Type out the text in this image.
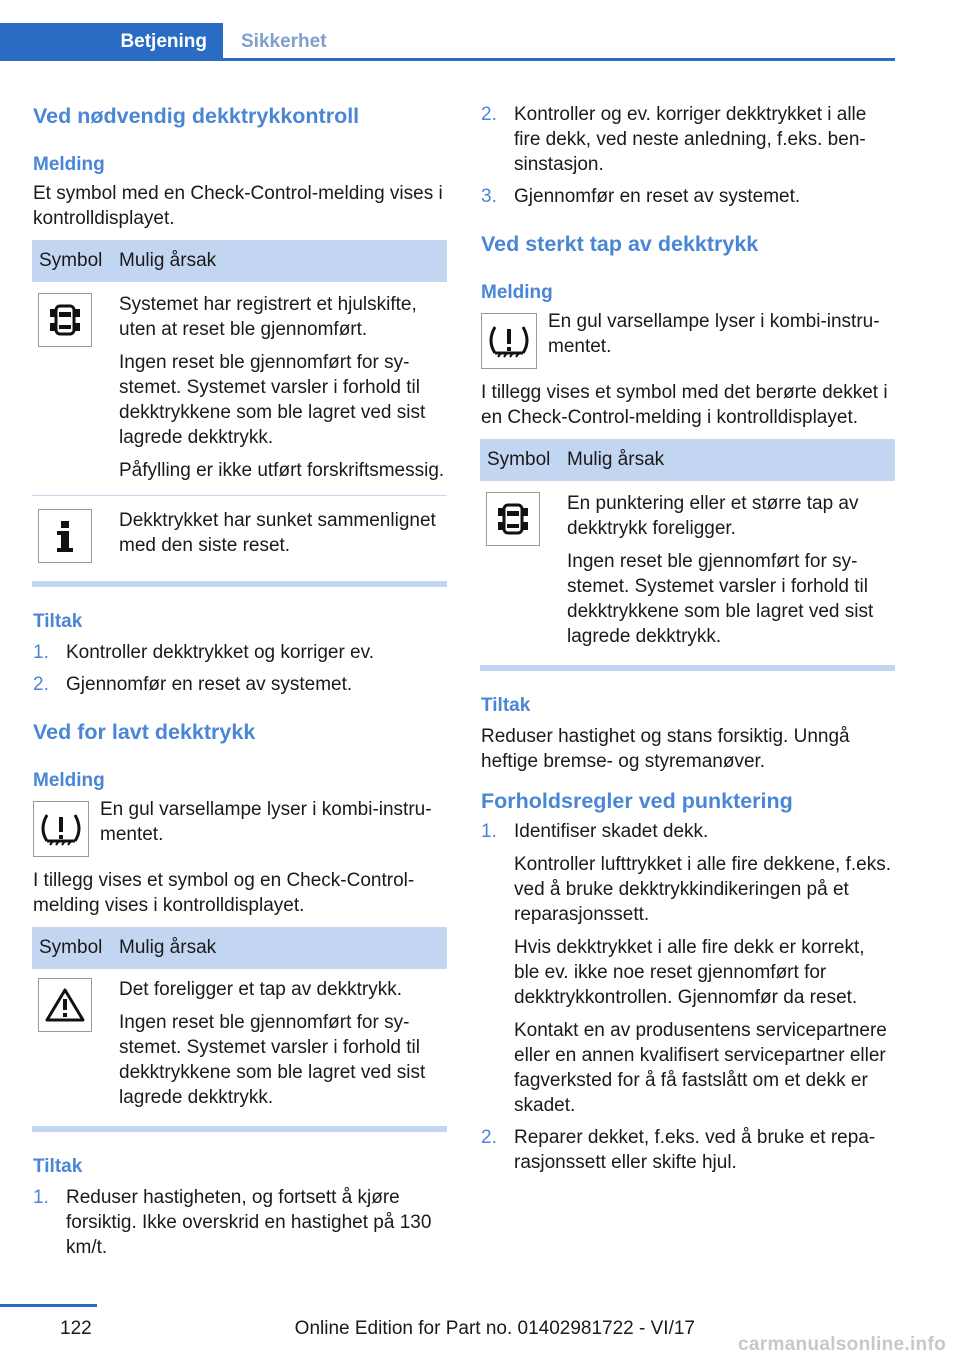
Betjening	Sikkerhet
Ved nødvendig dekktrykkontroll
Melding

Et symbol med en Check-Control-melding vises i kontrolldisplayet.

Symbol Mulig årsak

Systemet har registrert et hjulskifte, uten at reset ble gjennomført.

Ingen reset ble gjennomført for systemet. Systemet varsler i forhold til dekktrykkene som ble lagret ved sist lagrede dekktrykk.

Påfylling er ikke utført forskriftsmessig.

Dekktrykket har sunket sammenlignet med den siste reset.

Tiltak
1. Kontroller dekktrykket og korriger ev.
2. Gjennomfør en reset av systemet.
Ved for lavt dekktrykk
Melding

En gul varsellampe lyser i kombi-instrumentet.

I tillegg vises et symbol og en Check-Control-melding vises i kontrolldisplayet.

Symbol Mulig årsak

Det foreligger et tap av dekktrykk.

Ingen reset ble gjennomført for systemet. Systemet varsler i forhold til dekktrykkene som ble lagret ved sist lagrede dekktrykk.

Tiltak
1. Reduser hastigheten, og fortsett å kjøre forsiktig. Ikke overskrid en hastighet på 130 km/t.
2. Kontroller og ev. korriger dekktrykket i alle fire dekk, ved neste anledning, f.eks. bensinstasjon.
3. Gjennomfør en reset av systemet.
Ved sterkt tap av dekktrykk
Melding

En gul varsellampe lyser i kombi-instrumentet.

I tillegg vises et symbol med det berørte dekket i en Check-Control-melding i kontrolldisplayet.

Symbol Mulig årsak

En punktering eller et større tap av dekktrykk foreligger.

Ingen reset ble gjennomført for systemet. Systemet varsler i forhold til dekktrykkene som ble lagret ved sist lagrede dekktrykk.

Tiltak

Reduser hastighet og stans forsiktig. Unngå heftige bremse- og styremanøver.

Forholdsregler ved punktering
1. Identifiser skadet dekk.

Kontroller lufttrykket i alle fire dekkene, f.eks. ved å bruke dekktrykkindikeringen på et reparasjonssett.

Hvis dekktrykket i alle fire dekk er korrekt, ble ev. ikke noe reset gjennomført for dekktrykkontrollen. Gjennomfør da reset.

Kontakt en av produsentens servicepartnere eller en annen kvalifisert servicepartner eller fagverksted for å få fastslått om et dekk er skadet.

2. Reparer dekket, f.eks. ved å bruke et reparasjonssett eller skifte hjul.

122	Online Edition for Part no. 01402981722 - VI/17
carmanualsonline.info
